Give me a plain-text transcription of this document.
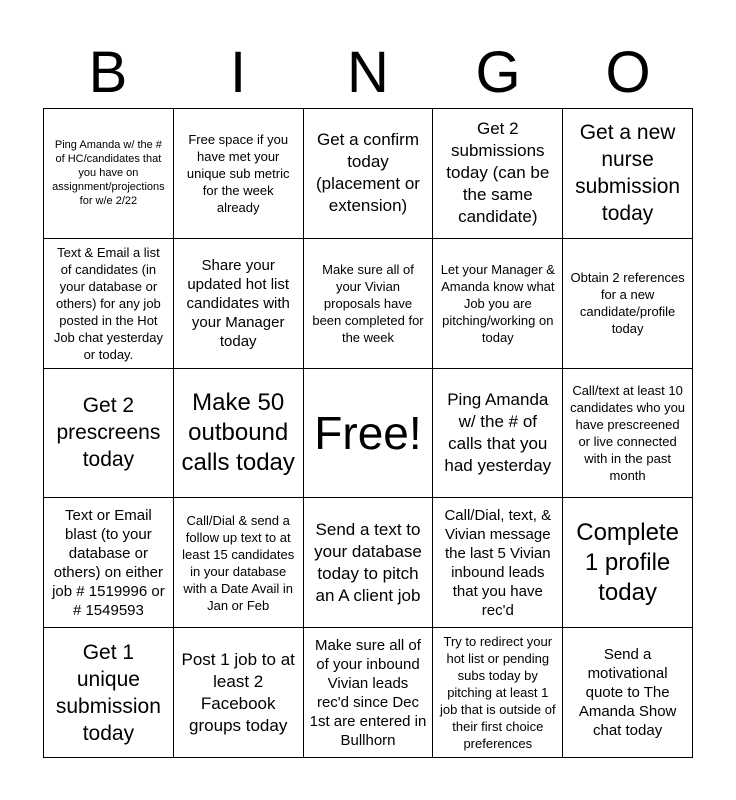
B	I	N	G	O
Ping Amanda w/ the # of HC/candidates that you have on assignment/projections for w/e 2/22
Free space if you have met your unique sub metric for the week already
Get a confirm today (placement or extension)
Get 2 submissions today (can be the same candidate)
Get a new nurse submission today
Text & Email a list of candidates (in your database or others) for any job posted in the Hot Job chat yesterday or today.
Share your updated hot list candidates with your Manager today
Make sure all of your Vivian proposals have been completed for the week
Let your Manager & Amanda know what Job you are pitching/working on today
Obtain 2 references for a new candidate/profile today
Get 2 prescreens today
Make 50 outbound calls today
Free!
Ping Amanda w/ the # of calls that you had yesterday
Call/text at least 10 candidates who you have prescreened or live connected with in the past month
Text or Email blast (to your database or others) on either job # 1519996 or # 1549593
Call/Dial & send a follow up text to at least 15 candidates in your database with a Date Avail in Jan or Feb
Send a text to your database today to pitch an A client job
Call/Dial, text, & Vivian message the last 5 Vivian inbound leads that you have rec'd
Complete 1 profile today
Get 1 unique submission today
Post 1 job to at least 2 Facebook groups today
Make sure all of of your inbound Vivian leads rec'd since Dec 1st are entered in Bullhorn
Try to redirect your hot list or pending subs today by pitching at least 1 job that is outside of their first choice preferences
Send a motivational quote to The Amanda Show chat today
